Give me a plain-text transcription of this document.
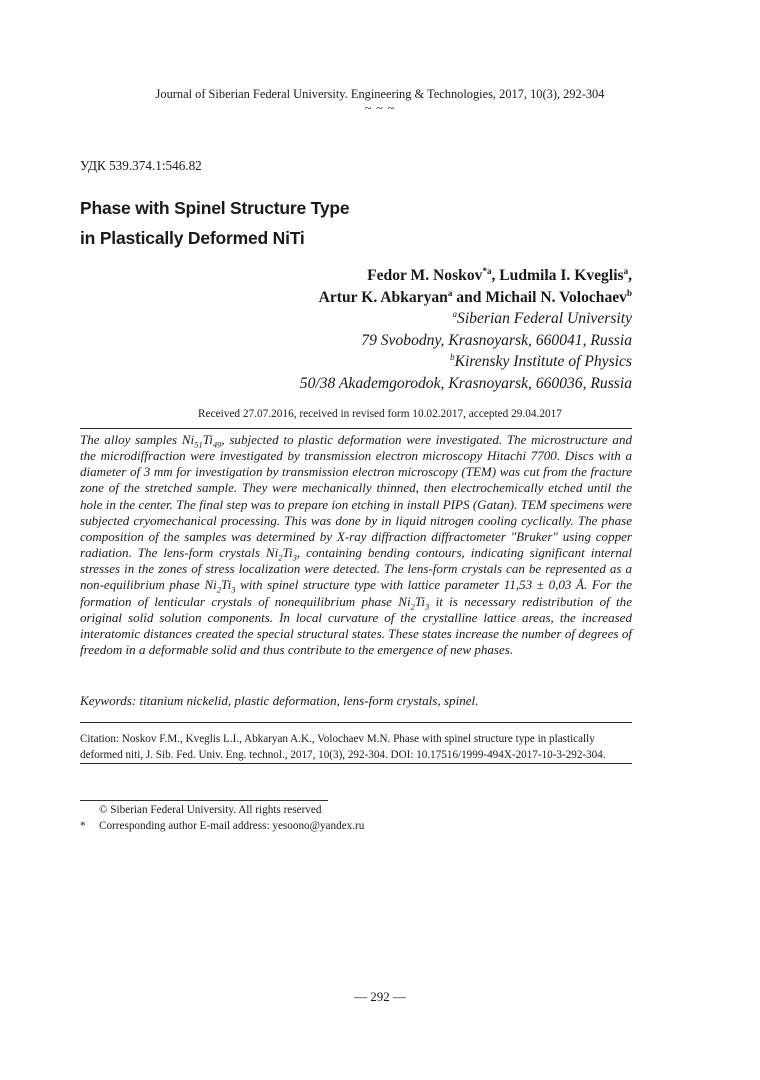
Journal of Siberian Federal University. Engineering & Technologies, 2017, 10(3), 292-304
~ ~ ~
УДК 539.374.1:546.82
Phase with Spinel Structure Type
in Plastically Deformed NiTi
Fedor M. Noskov$^{*a}$, Ludmila I. Kveglis$^a$,
Artur K. Abkaryan$^a$ and Michail N. Volochaev$^b$
$^a$Siberian Federal University
79 Svobodny, Krasnoyarsk, 660041, Russia
$^b$Kirensky Institute of Physics
50/38 Akademgorodok, Krasnoyarsk, 660036, Russia
Received 27.07.2016, received in revised form 10.02.2017, accepted 29.04.2017
The alloy samples $Ni_{51}Ti_{49}$, subjected to plastic deformation were investigated. The microstructure and the microdiffraction were investigated by transmission electron microscopy Hitachi 7700. Discs with a diameter of 3 mm for investigation by transmission electron microscopy (TEM) was cut from the fracture zone of the stretched sample. They were mechanically thinned, then electrochemically etched until the hole in the center. The final step was to prepare ion etching in install PIPS (Gatan). TEM specimens were subjected cryomechanical processing. This was done by in liquid nitrogen cooling cyclically. The phase composition of the samples was determined by X-ray diffraction diffractometer "Bruker" using copper radiation. The lens-form crystals $Ni_2Ti_3$, containing bending contours, indicating significant internal stresses in the zones of stress localization were detected. The lens-form crystals can be represented as a non-equilibrium phase $Ni_2Ti_3$ with spinel structure type with lattice parameter 11,53 ± 0,03 Å. For the formation of lenticular crystals of nonequilibrium phase $Ni_2Ti_3$ it is necessary redistribution of the original solid solution components. In local curvature of the crystalline lattice areas, the increased interatomic distances created the special structural states. These states increase the number of degrees of freedom in a deformable solid and thus contribute to the emergence of new phases.
Keywords: titanium nickelid, plastic deformation, lens-form crystals, spinel.
Citation: Noskov F.M., Kveglis L.I., Abkaryan A.K., Volochaev M.N. Phase with spinel structure type in plastically deformed niti, J. Sib. Fed. Univ. Eng. technol., 2017, 10(3), 292-304. DOI: 10.17516/1999-494X-2017-10-3-292-304.
© Siberian Federal University. All rights reserved
* Corresponding author E-mail address: yesoono@yandex.ru
— 292 —
